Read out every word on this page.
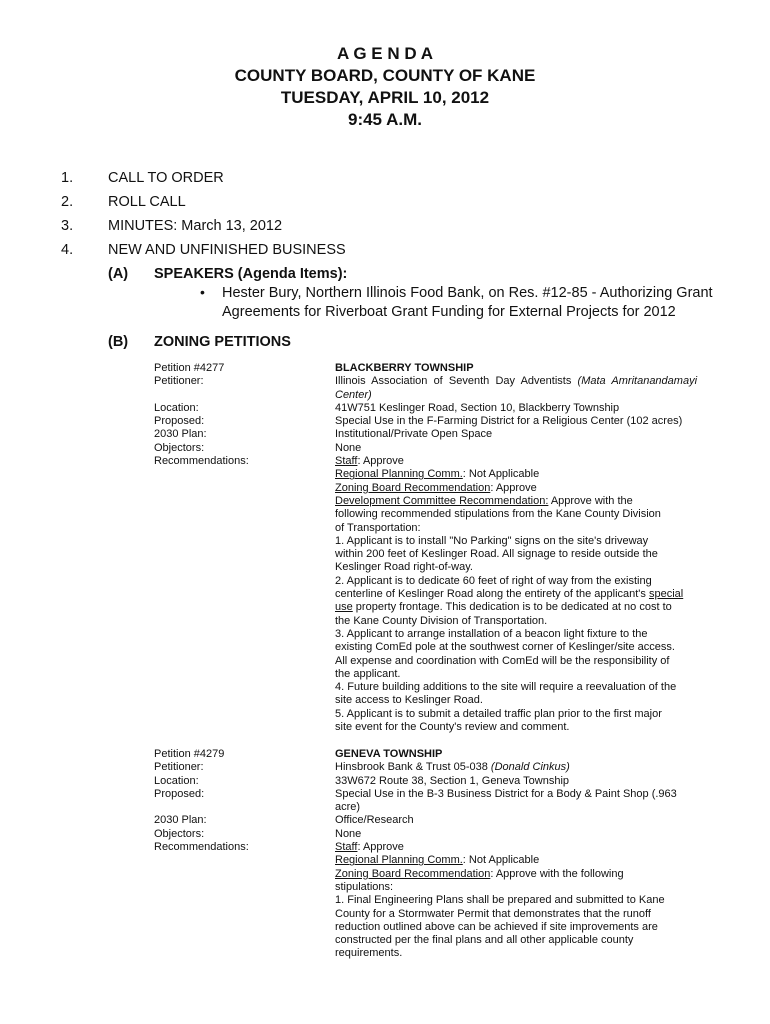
A G E N D A
COUNTY BOARD, COUNTY OF KANE
TUESDAY, APRIL 10, 2012
9:45 A.M.
1. CALL TO ORDER
2. ROLL CALL
3. MINUTES: March 13, 2012
4. NEW AND UNFINISHED BUSINESS
(A) SPEAKERS (Agenda Items):
• Hester Bury, Northern Illinois Food Bank, on Res. #12-85 - Authorizing Grant
Agreements for Riverboat Grant Funding for External Projects for 2012
(B) ZONING PETITIONS
Petition #4277
Petitioner:
Location:
Proposed:
2030 Plan:
Objectors:
Recommendations:
BLACKBERRY TOWNSHIP
Illinois Association of Seventh Day Adventists (Mata Amritanandamayi Center)
41W751 Keslinger Road, Section 10, Blackberry Township
Special Use in the F-Farming District for a Religious Center (102 acres)
Institutional/Private Open Space
None
Staff: Approve
Regional Planning Comm.: Not Applicable
Zoning Board Recommendation: Approve
Development Committee Recommendation: Approve with the
following recommended stipulations from the Kane County Division
of Transportation:
1. Applicant is to install "No Parking" signs on the site's driveway
within 200 feet of Keslinger Road. All signage to reside outside the
Keslinger Road right-of-way.
2. Applicant is to dedicate 60 feet of right of way from the existing
centerline of Keslinger Road along the entirety of the applicant's special
use property frontage. This dedication is to be dedicated at no cost to
the Kane County Division of Transportation.
3. Applicant to arrange installation of a beacon light fixture to the
existing ComEd pole at the southwest corner of Keslinger/site access.
All expense and coordination with ComEd will be the responsibility of
the applicant.
4. Future building additions to the site will require a reevaluation of the
site access to Keslinger Road.
5. Applicant is to submit a detailed traffic plan prior to the first major
site event for the County's review and comment.
Petition #4279
Petitioner:
Location:
Proposed:
2030 Plan:
Objectors:
Recommendations:
GENEVA TOWNSHIP
Hinsbrook Bank & Trust 05-038 (Donald Cinkus)
33W672 Route 38, Section 1, Geneva Township
Special Use in the B-3 Business District for a Body & Paint Shop (.963
acre)
Office/Research
None
Staff: Approve
Regional Planning Comm.: Not Applicable
Zoning Board Recommendation: Approve with the following
stipulations:
1. Final Engineering Plans shall be prepared and submitted to Kane
County for a Stormwater Permit that demonstrates that the runoff
reduction outlined above can be achieved if site improvements are
constructed per the final plans and all other applicable county
requirements.
